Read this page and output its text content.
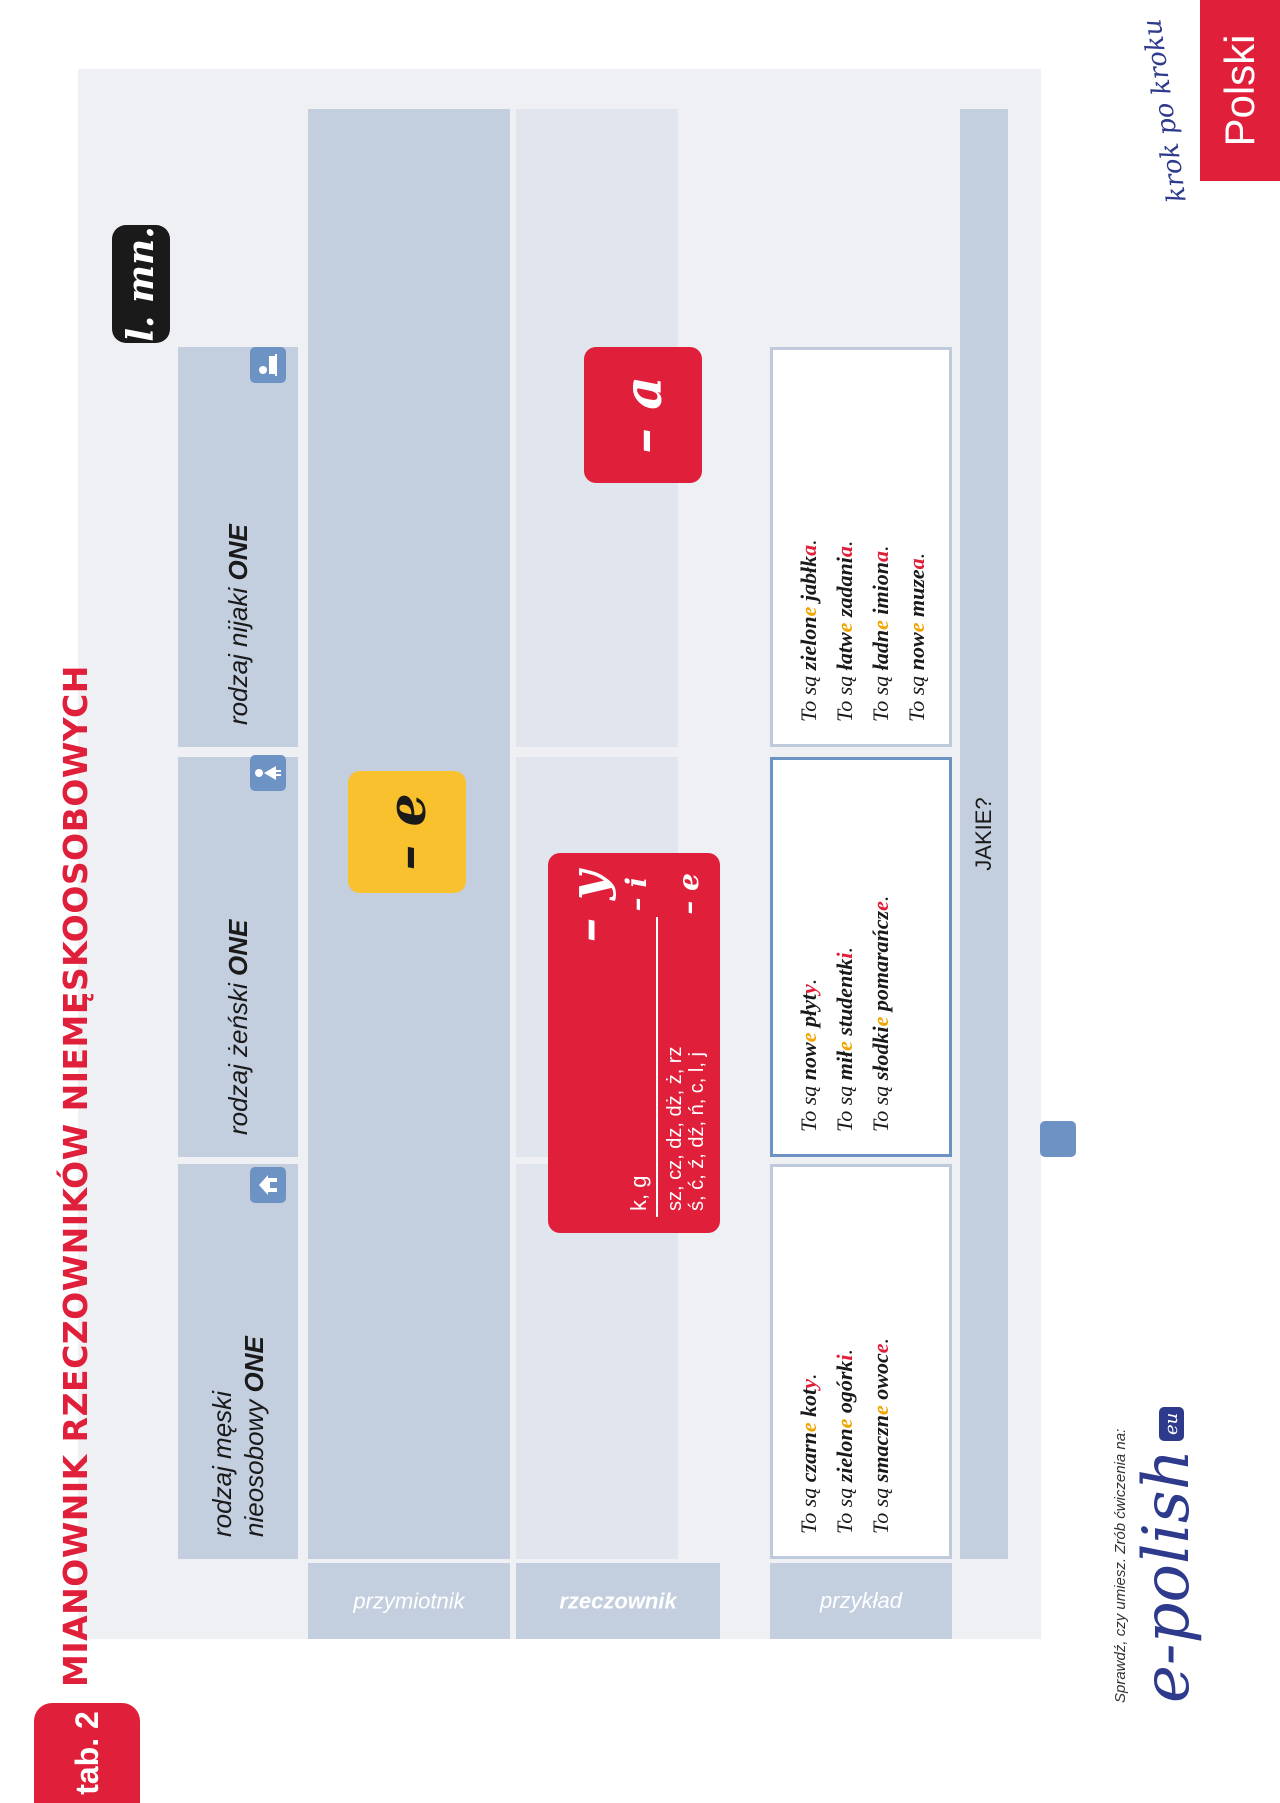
tab. 2
MIANOWNIK RZECZOWNIKÓW NIEMĘSKOOSOBOWYCH
l. mn.
rodzaj męski nieosobowy ONE
rodzaj żeński ONE
rodzaj nijaki ONE
– e
– y
k, g
– i
sz, cz, dz, dż, ż, rz ś, ć, ź, dź, ń, c, l, j
– e
– a
To są czarne koty.
To są zielone ogórki.
To są smaczne owoce.
To są nowe płyty.
To są miłe studentki.
To są słodkie pomarańcze.
To są zielone jabłka.
To są łatwe zadania.
To są ładne imiona.
To są nowe muzea.
przymiotnik	rzeczownik	przykład
JAKIE?
Sprawdź, czy umiesz. Zrób ćwiczenia na: e-polisheu
krok po kroku Polski
